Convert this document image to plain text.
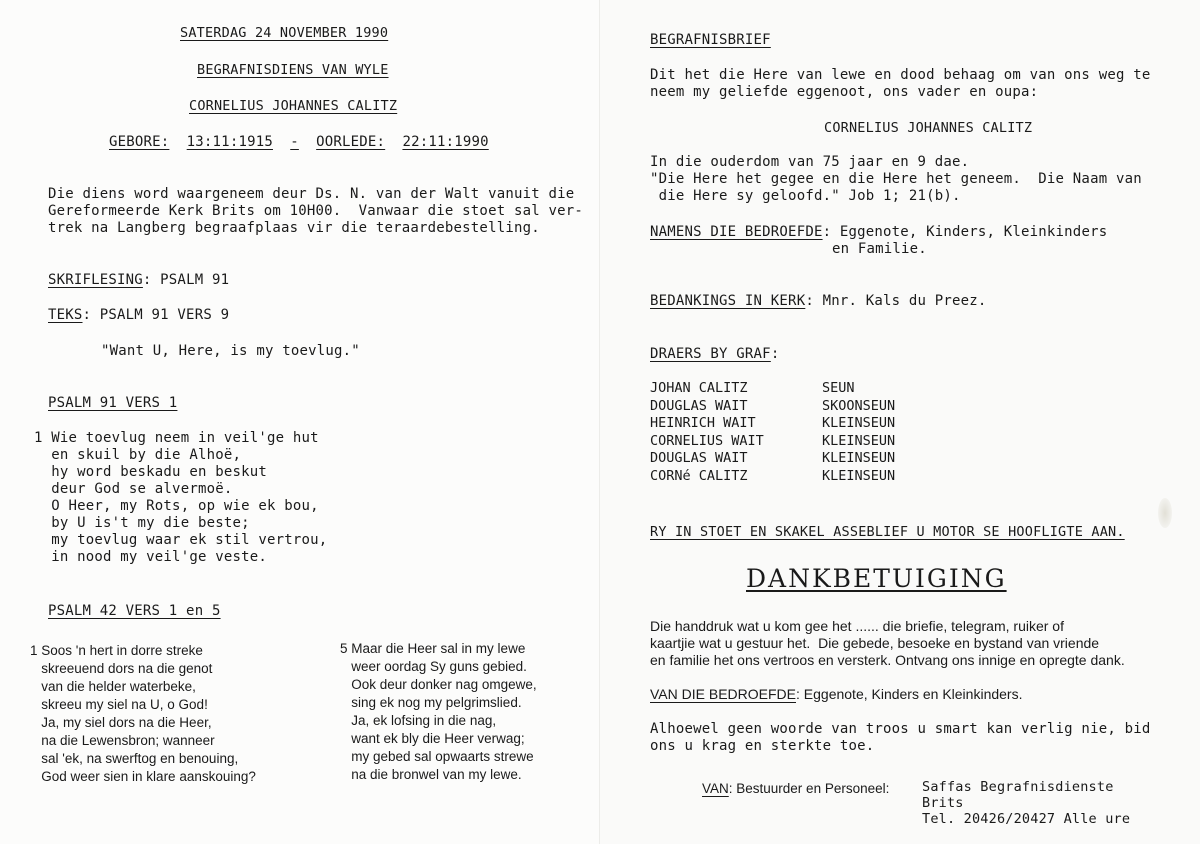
SATERDAG 24 NOVEMBER 1990
BEGRAFNISDIENS VAN WYLE
CORNELIUS JOHANNES CALITZ
GEBORE: 13:11:1915 - OORLEDE: 22:11:1990
Die diens word waargeneem deur Ds. N. van der Walt vanuit die
Gereformeerde Kerk Brits om 10H00.  Vanwaar die stoet sal ver-
trek na Langberg begraafplaas vir die teraardebestelling.
SKRIFLESING: PSALM 91
TEKS: PSALM 91 VERS 9
"Want U, Here, is my toevlug."
PSALM 91 VERS 1
1 Wie toevlug neem in veil'ge hut
en skuil by die Alhoë,
hy word beskadu en beskut
deur God se alvermoë.
O Heer, my Rots, op wie ek bou,
by U is't my die beste;
my toevlug waar ek stil vertrou,
in nood my veil'ge veste.
PSALM 42 VERS 1 en 5
1 Soos 'n hert in dorre streke
skreeuend dors na die genot
van die helder waterbeke,
skreeu my siel na U, o God!
Ja, my siel dors na die Heer,
na die Lewensbron; wanneer
sal 'ek, na swerftog en benouing,
God weer sien in klare aanskouing?
5 Maar die Heer sal in my lewe
weer oordag Sy guns gebied.
Ook deur donker nag omgewe,
sing ek nog my pelgrimslied.
Ja, ek lofsing in die nag,
want ek bly die Heer verwag;
my gebed sal opwaarts strewe
na die bronwel van my lewe.
BEGRAFNISBRIEF
Dit het die Here van lewe en dood behaag om van ons weg te
neem my geliefde eggenoot, ons vader en oupa:
CORNELIUS JOHANNES CALITZ
In die ouderdom van 75 jaar en 9 dae.
"Die Here het gegee en die Here het geneem.  Die Naam van
die Here sy geloofd." Job 1; 21(b).
NAMENS DIE BEDROEFDE: Eggenote, Kinders, Kleinkinders
en Familie.
BEDANKINGS IN KERK: Mnr. Kals du Preez.
DRAERS BY GRAF:
JOHAN CALITZ	SEUN
DOUGLAS WAIT	SKOONSEUN
HEINRICH WAIT	KLEINSEUN
CORNELIUS WAIT	KLEINSEUN
DOUGLAS WAIT	KLEINSEUN
CORNé CALITZ	KLEINSEUN
RY IN STOET EN SKAKEL ASSEBLIEF U MOTOR SE HOOFLIGTE AAN.
DANKBETUIGING
Die handdruk wat u kom gee het ...... die briefie, telegram, ruiker of
kaartjie wat u gestuur het.  Die gebede, besoeke en bystand van vriende
en familie het ons vertroos en versterk. Ontvang ons innige en opregte dank.
VAN DIE BEDROEFDE: Eggenote, Kinders en Kleinkinders.
Alhoewel geen woorde van troos u smart kan verlig nie, bid
ons u krag en sterkte toe.
VAN: Bestuurder en Personeel: Saffas Begrafnisdienste
Brits
Tel. 20426/20427 Alle ure
